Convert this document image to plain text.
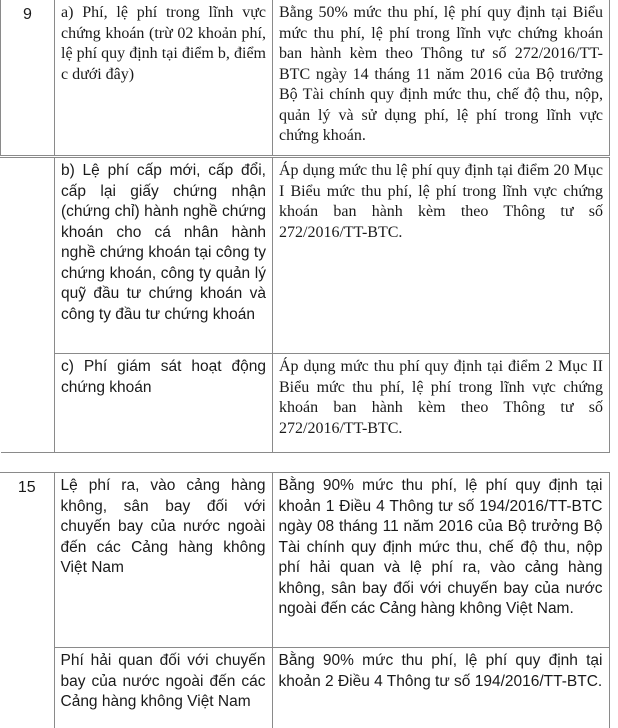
9	a) Phí, lệ phí trong lĩnh vực chứng khoán (trừ 02 khoản phí, lệ phí quy định tại điểm b, điểm c dưới đây)	Bằng 50% mức thu phí, lệ phí quy định tại Biểu mức thu phí, lệ phí trong lĩnh vực chứng khoán ban hành kèm theo Thông tư số 272/2016/TT-BTC ngày 14 tháng 11 năm 2016 của Bộ trưởng Bộ Tài chính quy định mức thu, chế độ thu, nộp, quản lý và sử dụng phí, lệ phí trong lĩnh vực chứng khoán.
	b) Lệ phí cấp mới, cấp đổi, cấp lại giấy chứng nhận (chứng chỉ) hành nghề chứng khoán cho cá nhân hành nghề chứng khoán tại công ty chứng khoán, công ty quản lý quỹ đầu tư chứng khoán và công ty đầu tư chứng khoán	Áp dụng mức thu lệ phí quy định tại điểm 20 Mục I Biểu mức thu phí, lệ phí trong lĩnh vực chứng khoán ban hành kèm theo Thông tư số 272/2016/TT-BTC.
	c) Phí giám sát hoạt động chứng khoán	Áp dụng mức thu phí quy định tại điểm 2 Mục II Biểu mức thu phí, lệ phí trong lĩnh vực chứng khoán ban hành kèm theo Thông tư số 272/2016/TT-BTC.
15	Lệ phí ra, vào cảng hàng không, sân bay đối với chuyến bay của nước ngoài đến các Cảng hàng không Việt Nam	Bằng 90% mức thu phí, lệ phí quy định tại khoản 1 Điều 4 Thông tư số 194/2016/TT-BTC ngày 08 tháng 11 năm 2016 của Bộ trưởng Bộ Tài chính quy định mức thu, chế độ thu, nộp phí hải quan và lệ phí ra, vào cảng hàng không, sân bay đối với chuyến bay của nước ngoài đến các Cảng hàng không Việt Nam.
	Phí hải quan đối với chuyến bay của nước ngoài đến các Cảng hàng không Việt Nam	Bằng 90% mức thu phí, lệ phí quy định tại khoản 2 Điều 4 Thông tư số 194/2016/TT-BTC.
